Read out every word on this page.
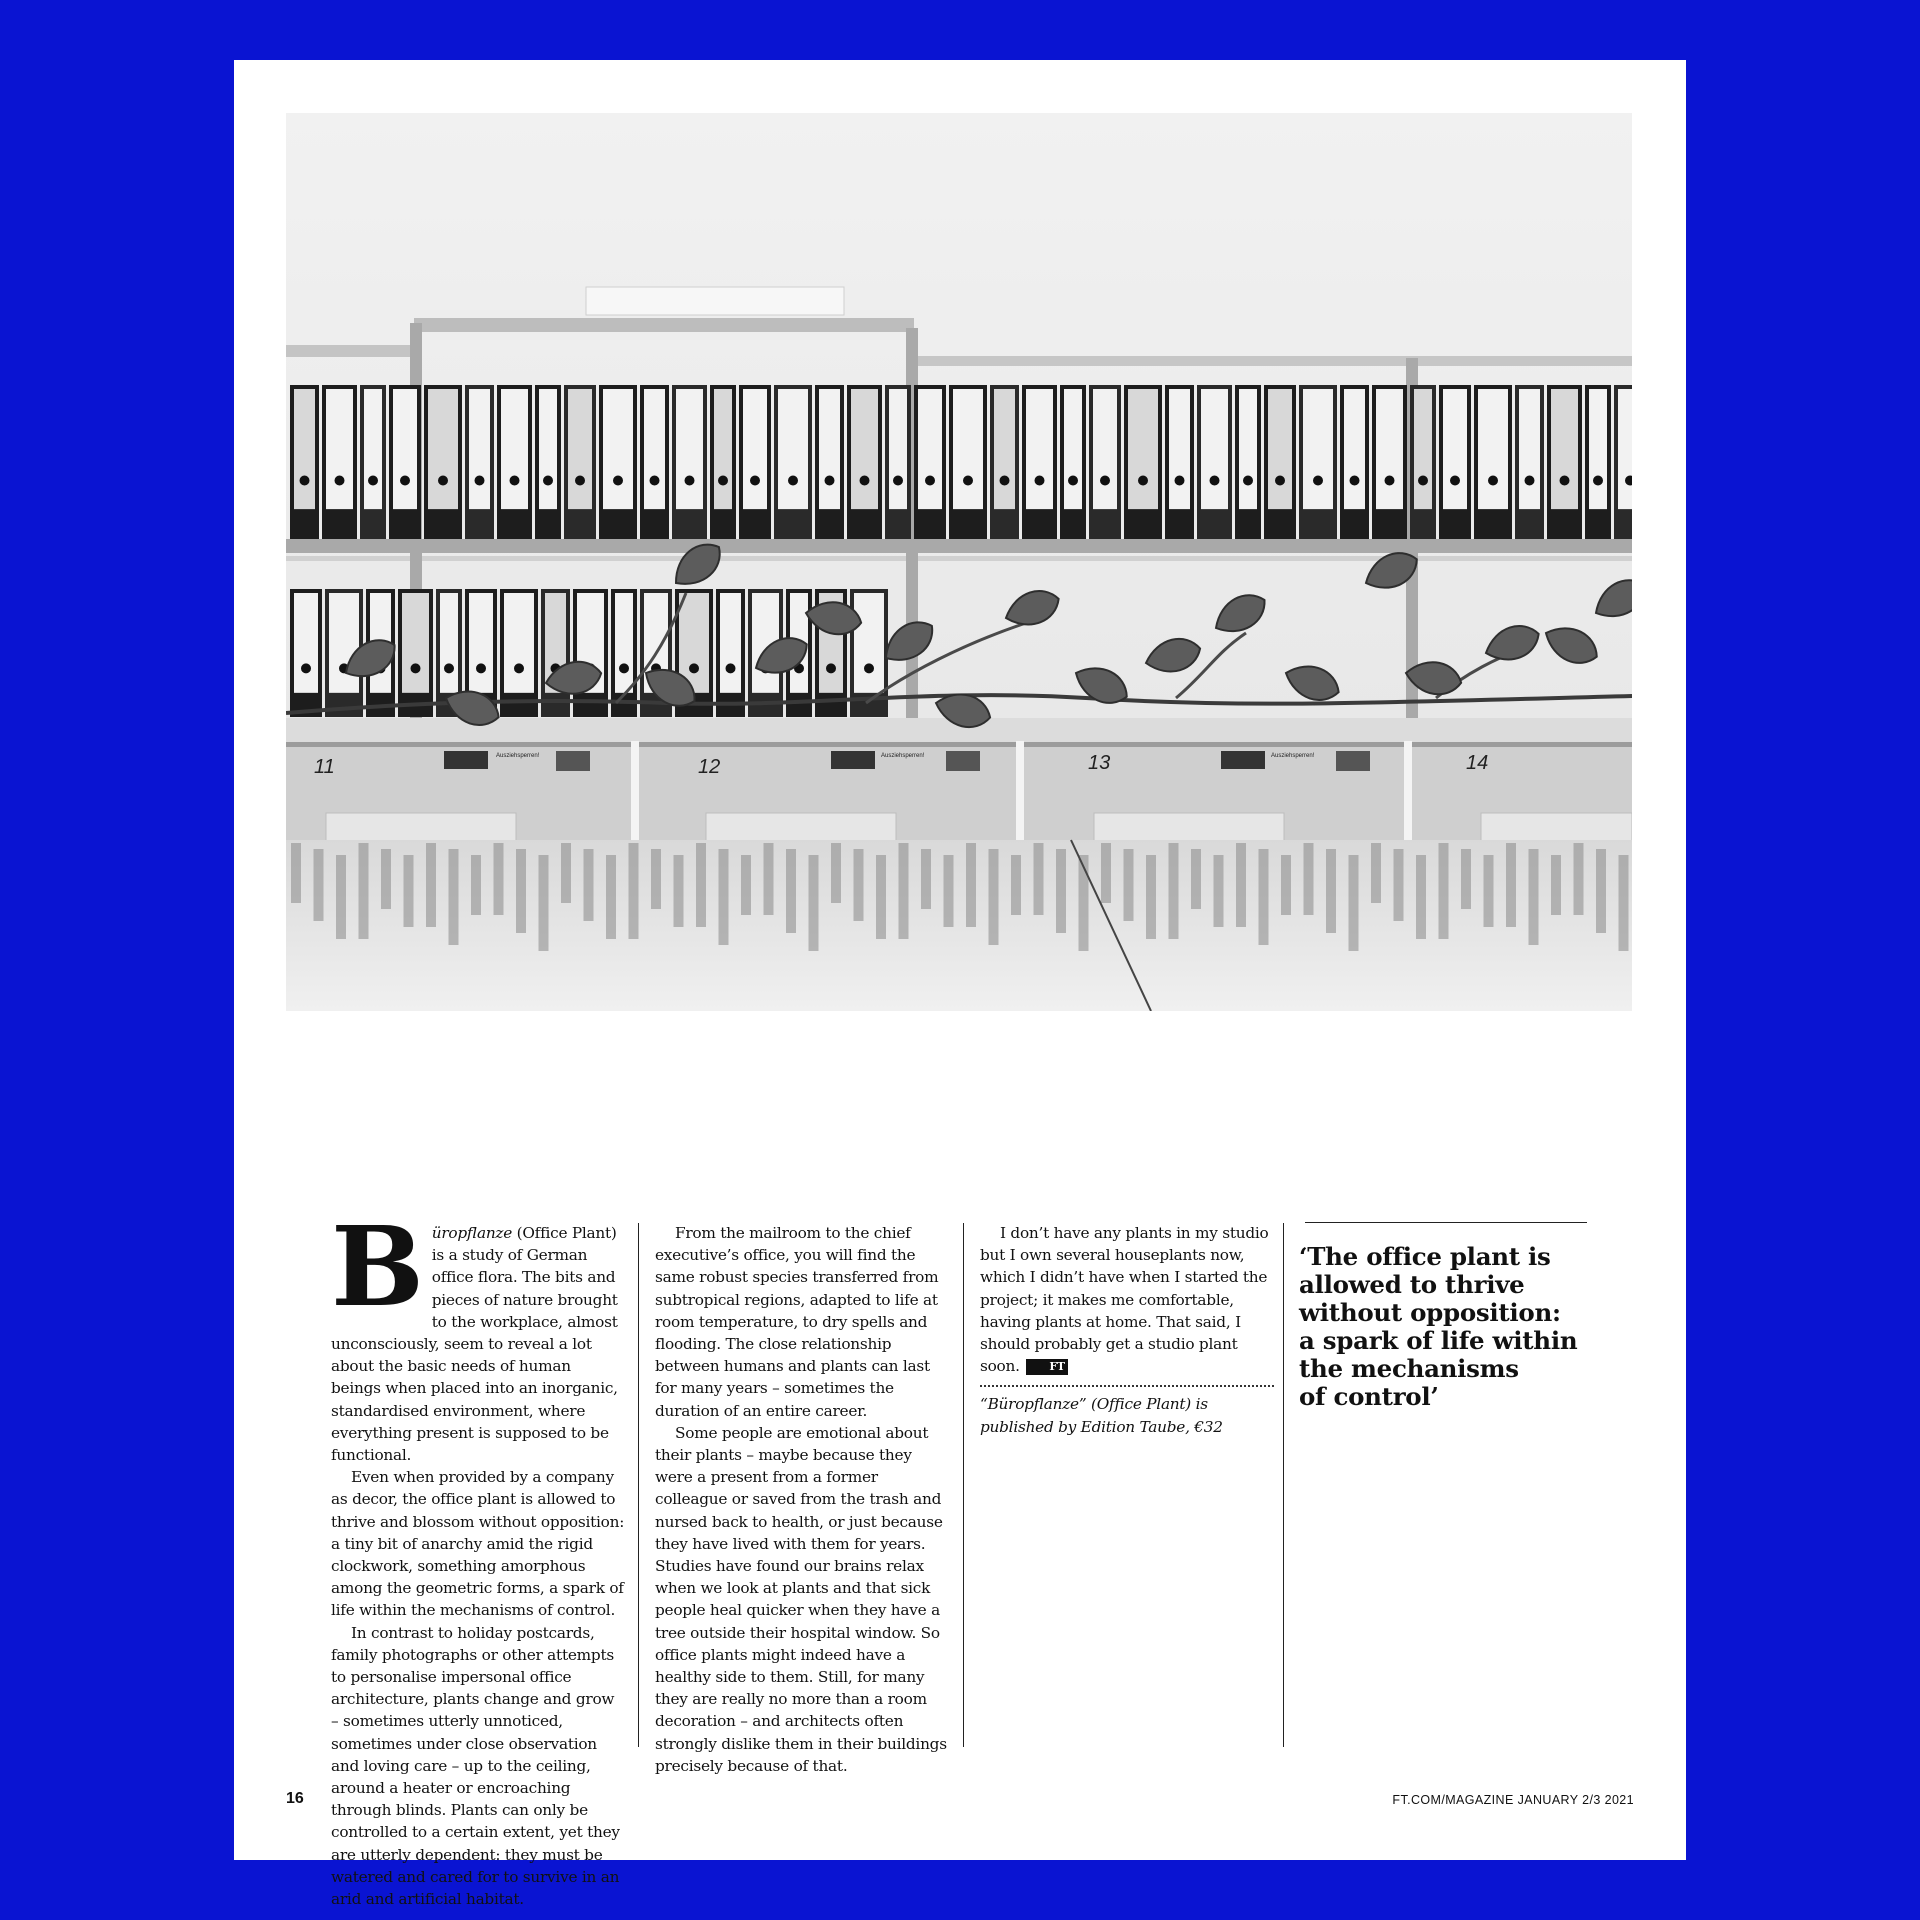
11	12	13	14
Ausziehsperren!	Ausziehsperren!	Ausziehsperren!

Büropflanze (Office Plant) is a study of German office flora. The bits and pieces of nature brought to the workplace, almost unconsciously, seem to reveal a lot about the basic needs of human beings when placed into an inorganic, standardised environment, where everything present is supposed to be functional.

Even when provided by a company as decor, the office plant is allowed to thrive and blossom without opposition: a tiny bit of anarchy amid the rigid clockwork, something amorphous among the geometric forms, a spark of life within the mechanisms of control.

In contrast to holiday postcards, family photographs or other attempts to personalise impersonal office architecture, plants change and grow – sometimes utterly unnoticed, sometimes under close observation and loving care – up to the ceiling, around a heater or encroaching through blinds. Plants can only be controlled to a certain extent, yet they are utterly dependent: they must be watered and cared for to survive in an arid and artificial habitat.

From the mailroom to the chief executive’s office, you will find the same robust species transferred from subtropical regions, adapted to life at room temperature, to dry spells and flooding. The close relationship between humans and plants can last for many years – sometimes the duration of an entire career.

Some people are emotional about their plants – maybe because they were a present from a former colleague or saved from the trash and nursed back to health, or just because they have lived with them for years. Studies have found our brains relax when we look at plants and that sick people heal quicker when they have a tree outside their hospital window. So office plants might indeed have a healthy side to them. Still, for many they are really no more than a room decoration – and architects often strongly dislike them in their buildings precisely because of that.

I don’t have any plants in my studio but I own several houseplants now, which I didn’t have when I started the project; it makes me comfortable, having plants at home. That said, I should probably get a studio plant soon.	FT

“Büropflanze” (Office Plant) is published by Edition Taube, €32

‘The office plant is
allowed to thrive
without opposition:
a spark of life within
the mechanisms
of control’

16	FT.COM/MAGAZINE JANUARY 2/3 2021
